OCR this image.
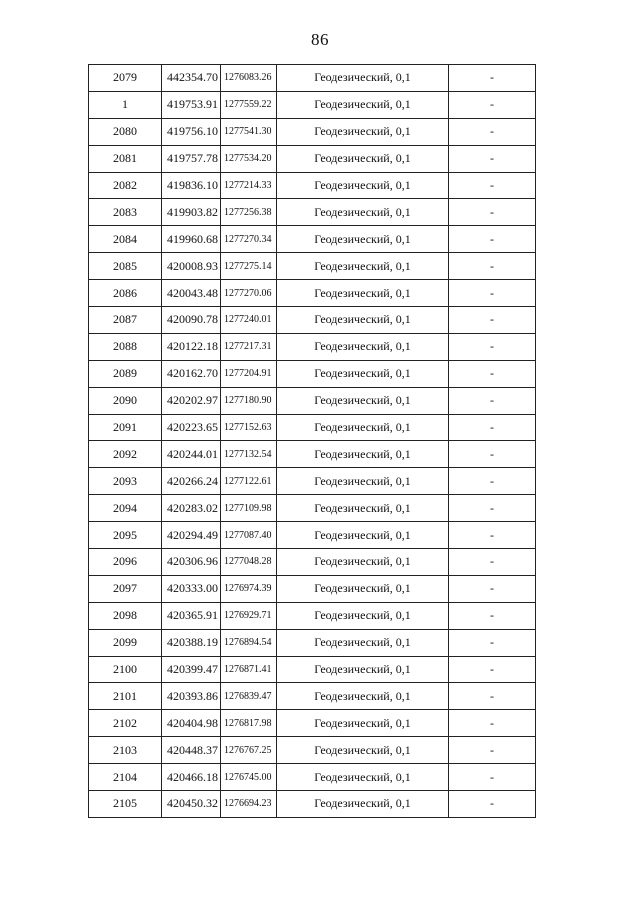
86
2079	442354.70	1276083.26	Геодезический, 0,1	-
1	419753.91	1277559.22	Геодезический, 0,1	-
2080	419756.10	1277541.30	Геодезический, 0,1	-
2081	419757.78	1277534.20	Геодезический, 0,1	-
2082	419836.10	1277214.33	Геодезический, 0,1	-
2083	419903.82	1277256.38	Геодезический, 0,1	-
2084	419960.68	1277270.34	Геодезический, 0,1	-
2085	420008.93	1277275.14	Геодезический, 0,1	-
2086	420043.48	1277270.06	Геодезический, 0,1	-
2087	420090.78	1277240.01	Геодезический, 0,1	-
2088	420122.18	1277217.31	Геодезический, 0,1	-
2089	420162.70	1277204.91	Геодезический, 0,1	-
2090	420202.97	1277180.90	Геодезический, 0,1	-
2091	420223.65	1277152.63	Геодезический, 0,1	-
2092	420244.01	1277132.54	Геодезический, 0,1	-
2093	420266.24	1277122.61	Геодезический, 0,1	-
2094	420283.02	1277109.98	Геодезический, 0,1	-
2095	420294.49	1277087.40	Геодезический, 0,1	-
2096	420306.96	1277048.28	Геодезический, 0,1	-
2097	420333.00	1276974.39	Геодезический, 0,1	-
2098	420365.91	1276929.71	Геодезический, 0,1	-
2099	420388.19	1276894.54	Геодезический, 0,1	-
2100	420399.47	1276871.41	Геодезический, 0,1	-
2101	420393.86	1276839.47	Геодезический, 0,1	-
2102	420404.98	1276817.98	Геодезический, 0,1	-
2103	420448.37	1276767.25	Геодезический, 0,1	-
2104	420466.18	1276745.00	Геодезический, 0,1	-
2105	420450.32	1276694.23	Геодезический, 0,1	-
